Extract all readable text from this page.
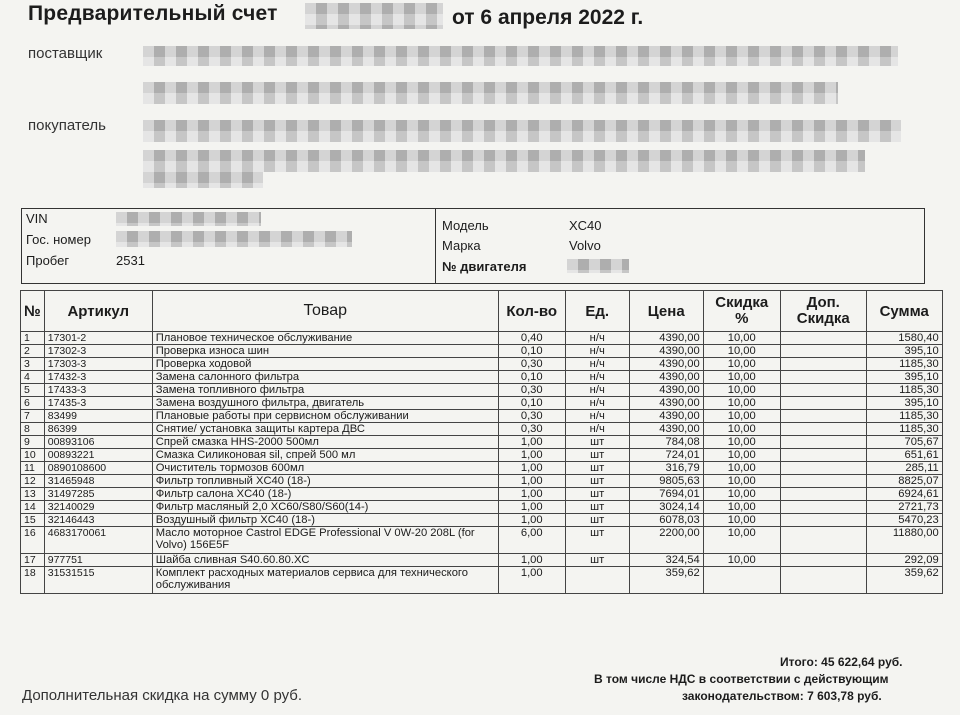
Предварительный счет	от 6 апреля 2022 г.
поставщик
покупатель
VIN
Гос. номер
Пробег	2531
Модель	XC40
Марка	Volvo
№ двигателя
№	Артикул	Товар	Кол-во	Ед.	Цена	Скидка %	Доп. Скидка	Сумма
1	17301-2	Плановое техническое обслуживание	0,40	н/ч	4390,00	10,00		1580,40
2	17302-3	Проверка износа шин	0,10	н/ч	4390,00	10,00		395,10
3	17303-3	Проверка ходовой	0,30	н/ч	4390,00	10,00		1185,30
4	17432-3	Замена салонного фильтра	0,10	н/ч	4390,00	10,00		395,10
5	17433-3	Замена топливного фильтра	0,30	н/ч	4390,00	10,00		1185,30
6	17435-3	Замена воздушного фильтра, двигатель	0,10	н/ч	4390,00	10,00		395,10
7	83499	Плановые работы при сервисном обслуживании	0,30	н/ч	4390,00	10,00		1185,30
8	86399	Снятие/ установка защиты картера ДВС	0,30	н/ч	4390,00	10,00		1185,30
9	00893106	Спрей смазка HHS-2000 500мл	1,00	шт	784,08	10,00		705,67
10	00893221	Смазка Силиконовая sil, спрей 500 мл	1,00	шт	724,01	10,00		651,61
11	0890108600	Очиститель тормозов 600мл	1,00	шт	316,79	10,00		285,11
12	31465948	Фильтр топливный XC40 (18-)	1,00	шт	9805,63	10,00		8825,07
13	31497285	Фильтр салона XC40 (18-)	1,00	шт	7694,01	10,00		6924,61
14	32140029	Фильтр масляный 2,0 XC60/S80/S60(14-)	1,00	шт	3024,14	10,00		2721,73
15	32146443	Воздушный фильтр XC40 (18-)	1,00	шт	6078,03	10,00		5470,23
16	4683170061	Масло моторное Castrol EDGE Professional V 0W-20 208L (for Volvo) 156E5F	6,00	шт	2200,00	10,00		11880,00
17	977751	Шайба сливная S40.60.80.XC	1,00	шт	324,54	10,00		292,09
18	31531515	Комплект расходных материалов сервиса для технического обслуживания	1,00		359,62			359,62
Итого: 45 622,64 руб.
В том числе НДС в соответствии с действующим
законодательством: 7 603,78 руб.
Дополнительная скидка на сумму 0 руб.
